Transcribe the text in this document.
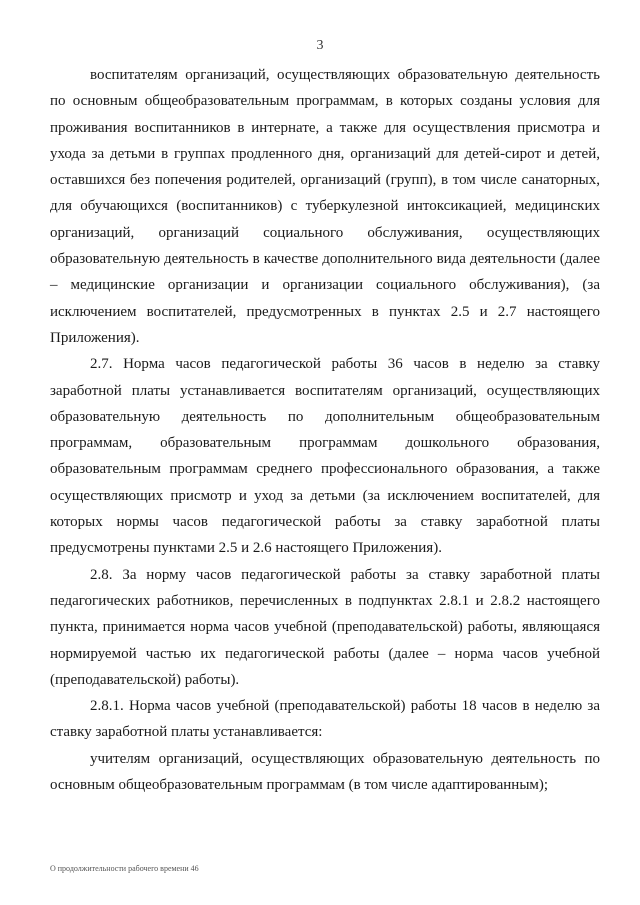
3

воспитателям организаций, осуществляющих образовательную деятельность по основным общеобразовательным программам, в которых созданы условия для проживания воспитанников в интернате, а также для осуществления присмотра и ухода за детьми в группах продленного дня, организаций для детей-сирот и детей, оставшихся без попечения родителей, организаций (групп), в том числе санаторных, для обучающихся (воспитанников) с туберкулезной интоксикацией, медицинских организаций, организаций социального обслуживания, осуществляющих образовательную деятельность в качестве дополнительного вида деятельности (далее – медицинские организации и организации социального обслуживания), (за исключением воспитателей, предусмотренных в пунктах 2.5 и 2.7 настоящего Приложения).

2.7. Норма часов педагогической работы 36 часов в неделю за ставку заработной платы устанавливается воспитателям организаций, осуществляющих образовательную деятельность по дополнительным общеобразовательным программам, образовательным программам дошкольного образования, образовательным программам среднего профессионального образования, а также осуществляющих присмотр и уход за детьми (за исключением воспитателей, для которых нормы часов педагогической работы за ставку заработной платы предусмотрены пунктами 2.5 и 2.6 настоящего Приложения).

2.8. За норму часов педагогической работы за ставку заработной платы педагогических работников, перечисленных в подпунктах 2.8.1 и 2.8.2 настоящего пункта, принимается норма часов учебной (преподавательской) работы, являющаяся нормируемой частью их педагогической работы (далее – норма часов учебной (преподавательской) работы).

2.8.1. Норма часов учебной (преподавательской) работы 18 часов в неделю за ставку заработной платы устанавливается:

учителям организаций, осуществляющих образовательную деятельность по основным общеобразовательным программам (в том числе адаптированным);

О продолжительности рабочего времени 46
